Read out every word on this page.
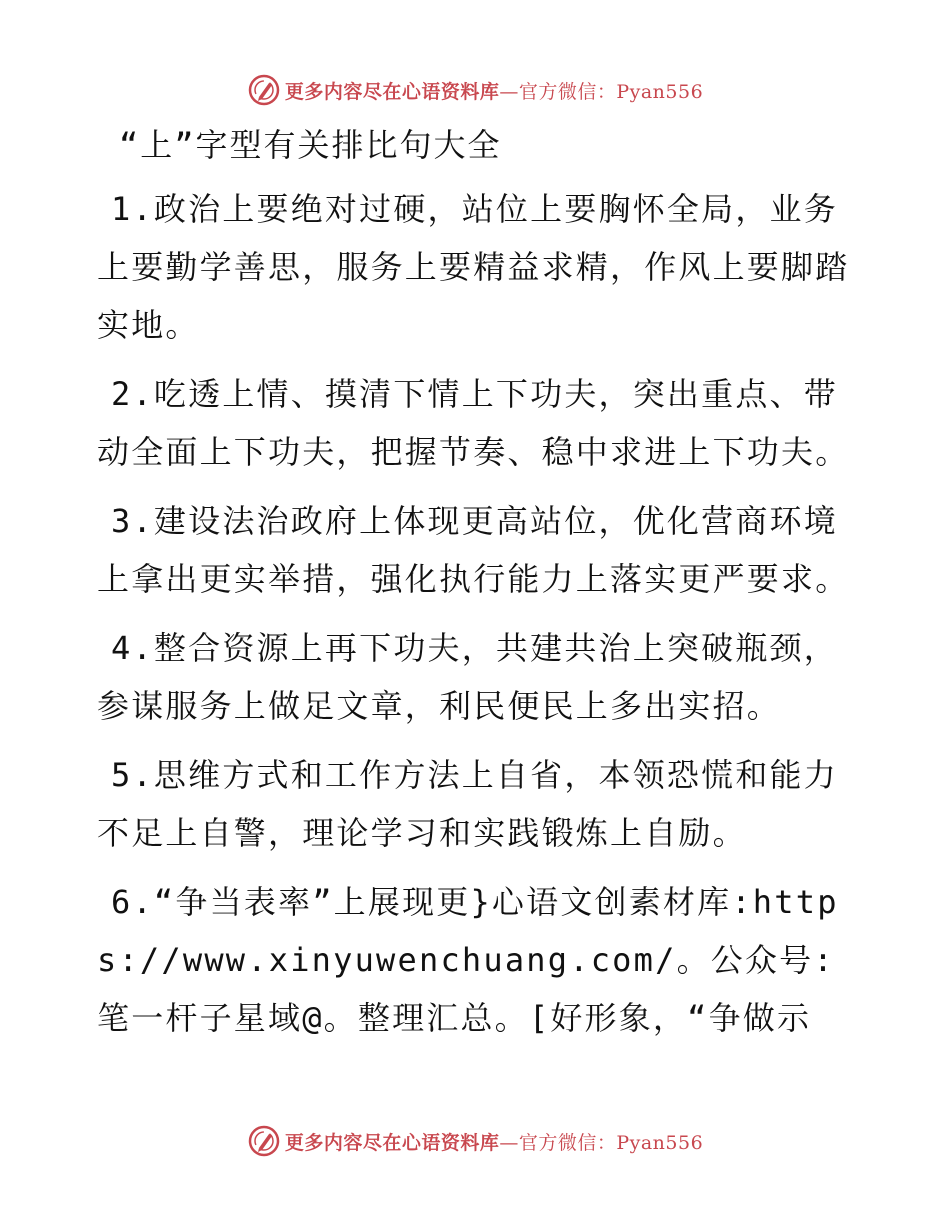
更多内容尽在心语资料库—官方微信：Pyan556
“上”字型有关排比句大全
1.政治上要绝对过硬，站位上要胸怀全局，业务上要勤学善思，服务上要精益求精，作风上要脚踏实地。
2.吃透上情、摸清下情上下功夫，突出重点、带动全面上下功夫，把握节奏、稳中求进上下功夫。
3.建设法治政府上体现更高站位，优化营商环境上拿出更实举措，强化执行能力上落实更严要求。
4.整合资源上再下功夫，共建共治上突破瓶颈，参谋服务上做足文章，利民便民上多出实招。
5.思维方式和工作方法上自省，本领恐慌和能力不足上自警，理论学习和实践锻炼上自励。
6.“争当表率”上展现更}心语文创素材库:https://www.xinyuwenchuang.com/。公众号: 笔一杆子星域@。整理汇总。[好形象，“争做示
更多内容尽在心语资料库—官方微信：Pyan556
